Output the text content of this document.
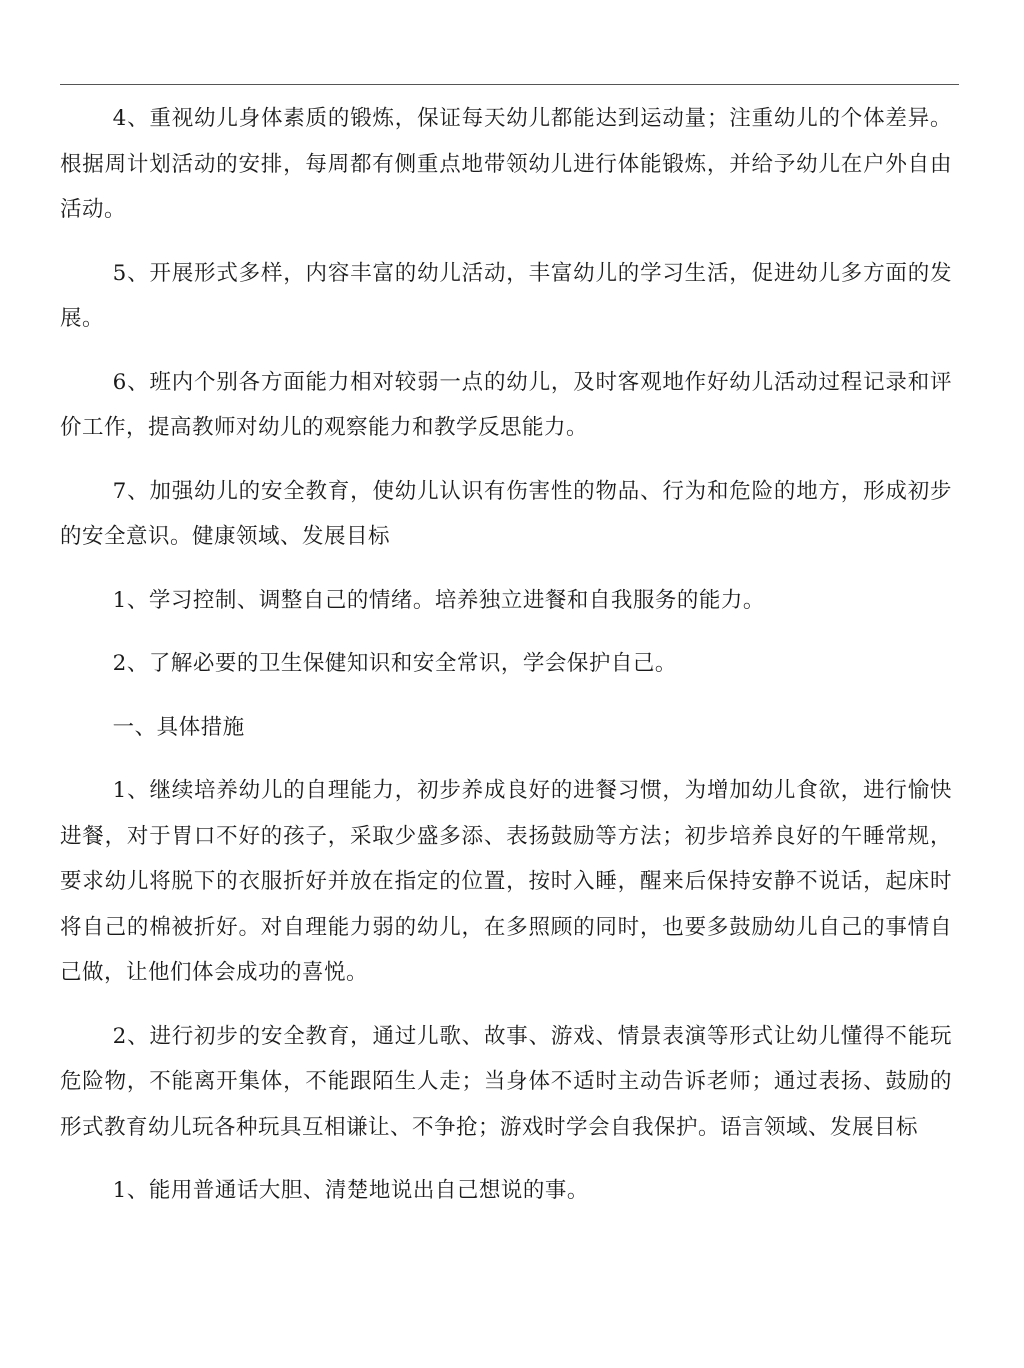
4、重视幼儿身体素质的锻炼，保证每天幼儿都能达到运动量；注重幼儿的个体差异。根据周计划活动的安排，每周都有侧重点地带领幼儿进行体能锻炼，并给予幼儿在户外自由活动。

5、开展形式多样，内容丰富的幼儿活动，丰富幼儿的学习生活，促进幼儿多方面的发展。

6、班内个别各方面能力相对较弱一点的幼儿，及时客观地作好幼儿活动过程记录和评价工作，提高教师对幼儿的观察能力和教学反思能力。

7、加强幼儿的安全教育，使幼儿认识有伤害性的物品、行为和危险的地方，形成初步的安全意识。健康领域、发展目标

1、学习控制、调整自己的情绪。培养独立进餐和自我服务的能力。

2、了解必要的卫生保健知识和安全常识，学会保护自己。

一、具体措施

1、继续培养幼儿的自理能力，初步养成良好的进餐习惯，为增加幼儿食欲，进行愉快进餐，对于胃口不好的孩子，采取少盛多添、表扬鼓励等方法；初步培养良好的午睡常规，要求幼儿将脱下的衣服折好并放在指定的位置，按时入睡，醒来后保持安静不说话，起床时将自己的棉被折好。对自理能力弱的幼儿，在多照顾的同时，也要多鼓励幼儿自己的事情自己做，让他们体会成功的喜悦。

2、进行初步的安全教育，通过儿歌、故事、游戏、情景表演等形式让幼儿懂得不能玩危险物，不能离开集体，不能跟陌生人走；当身体不适时主动告诉老师；通过表扬、鼓励的形式教育幼儿玩各种玩具互相谦让、不争抢；游戏时学会自我保护。语言领域、发展目标

1、能用普通话大胆、清楚地说出自己想说的事。
